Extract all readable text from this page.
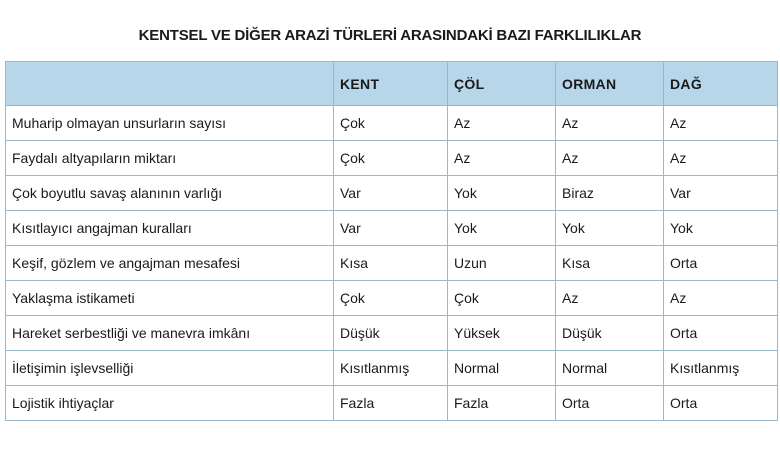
KENTSEL VE DİĞER ARAZİ TÜRLERİ ARASINDAKİ BAZI FARKLILIKLAR
	KENT	ÇÖL	ORMAN	DAĞ
Muharip olmayan unsurların sayısı	Çok	Az	Az	Az
Faydalı altyapıların miktarı	Çok	Az	Az	Az
Çok boyutlu savaş alanının varlığı	Var	Yok	Biraz	Var
Kısıtlayıcı angajman kuralları	Var	Yok	Yok	Yok
Keşif, gözlem ve angajman mesafesi	Kısa	Uzun	Kısa	Orta
Yaklaşma istikameti	Çok	Çok	Az	Az
Hareket serbestliği ve manevra imkânı	Düşük	Yüksek	Düşük	Orta
İletişimin işlevselliği	Kısıtlanmış	Normal	Normal	Kısıtlanmış
Lojistik ihtiyaçlar	Fazla	Fazla	Orta	Orta
